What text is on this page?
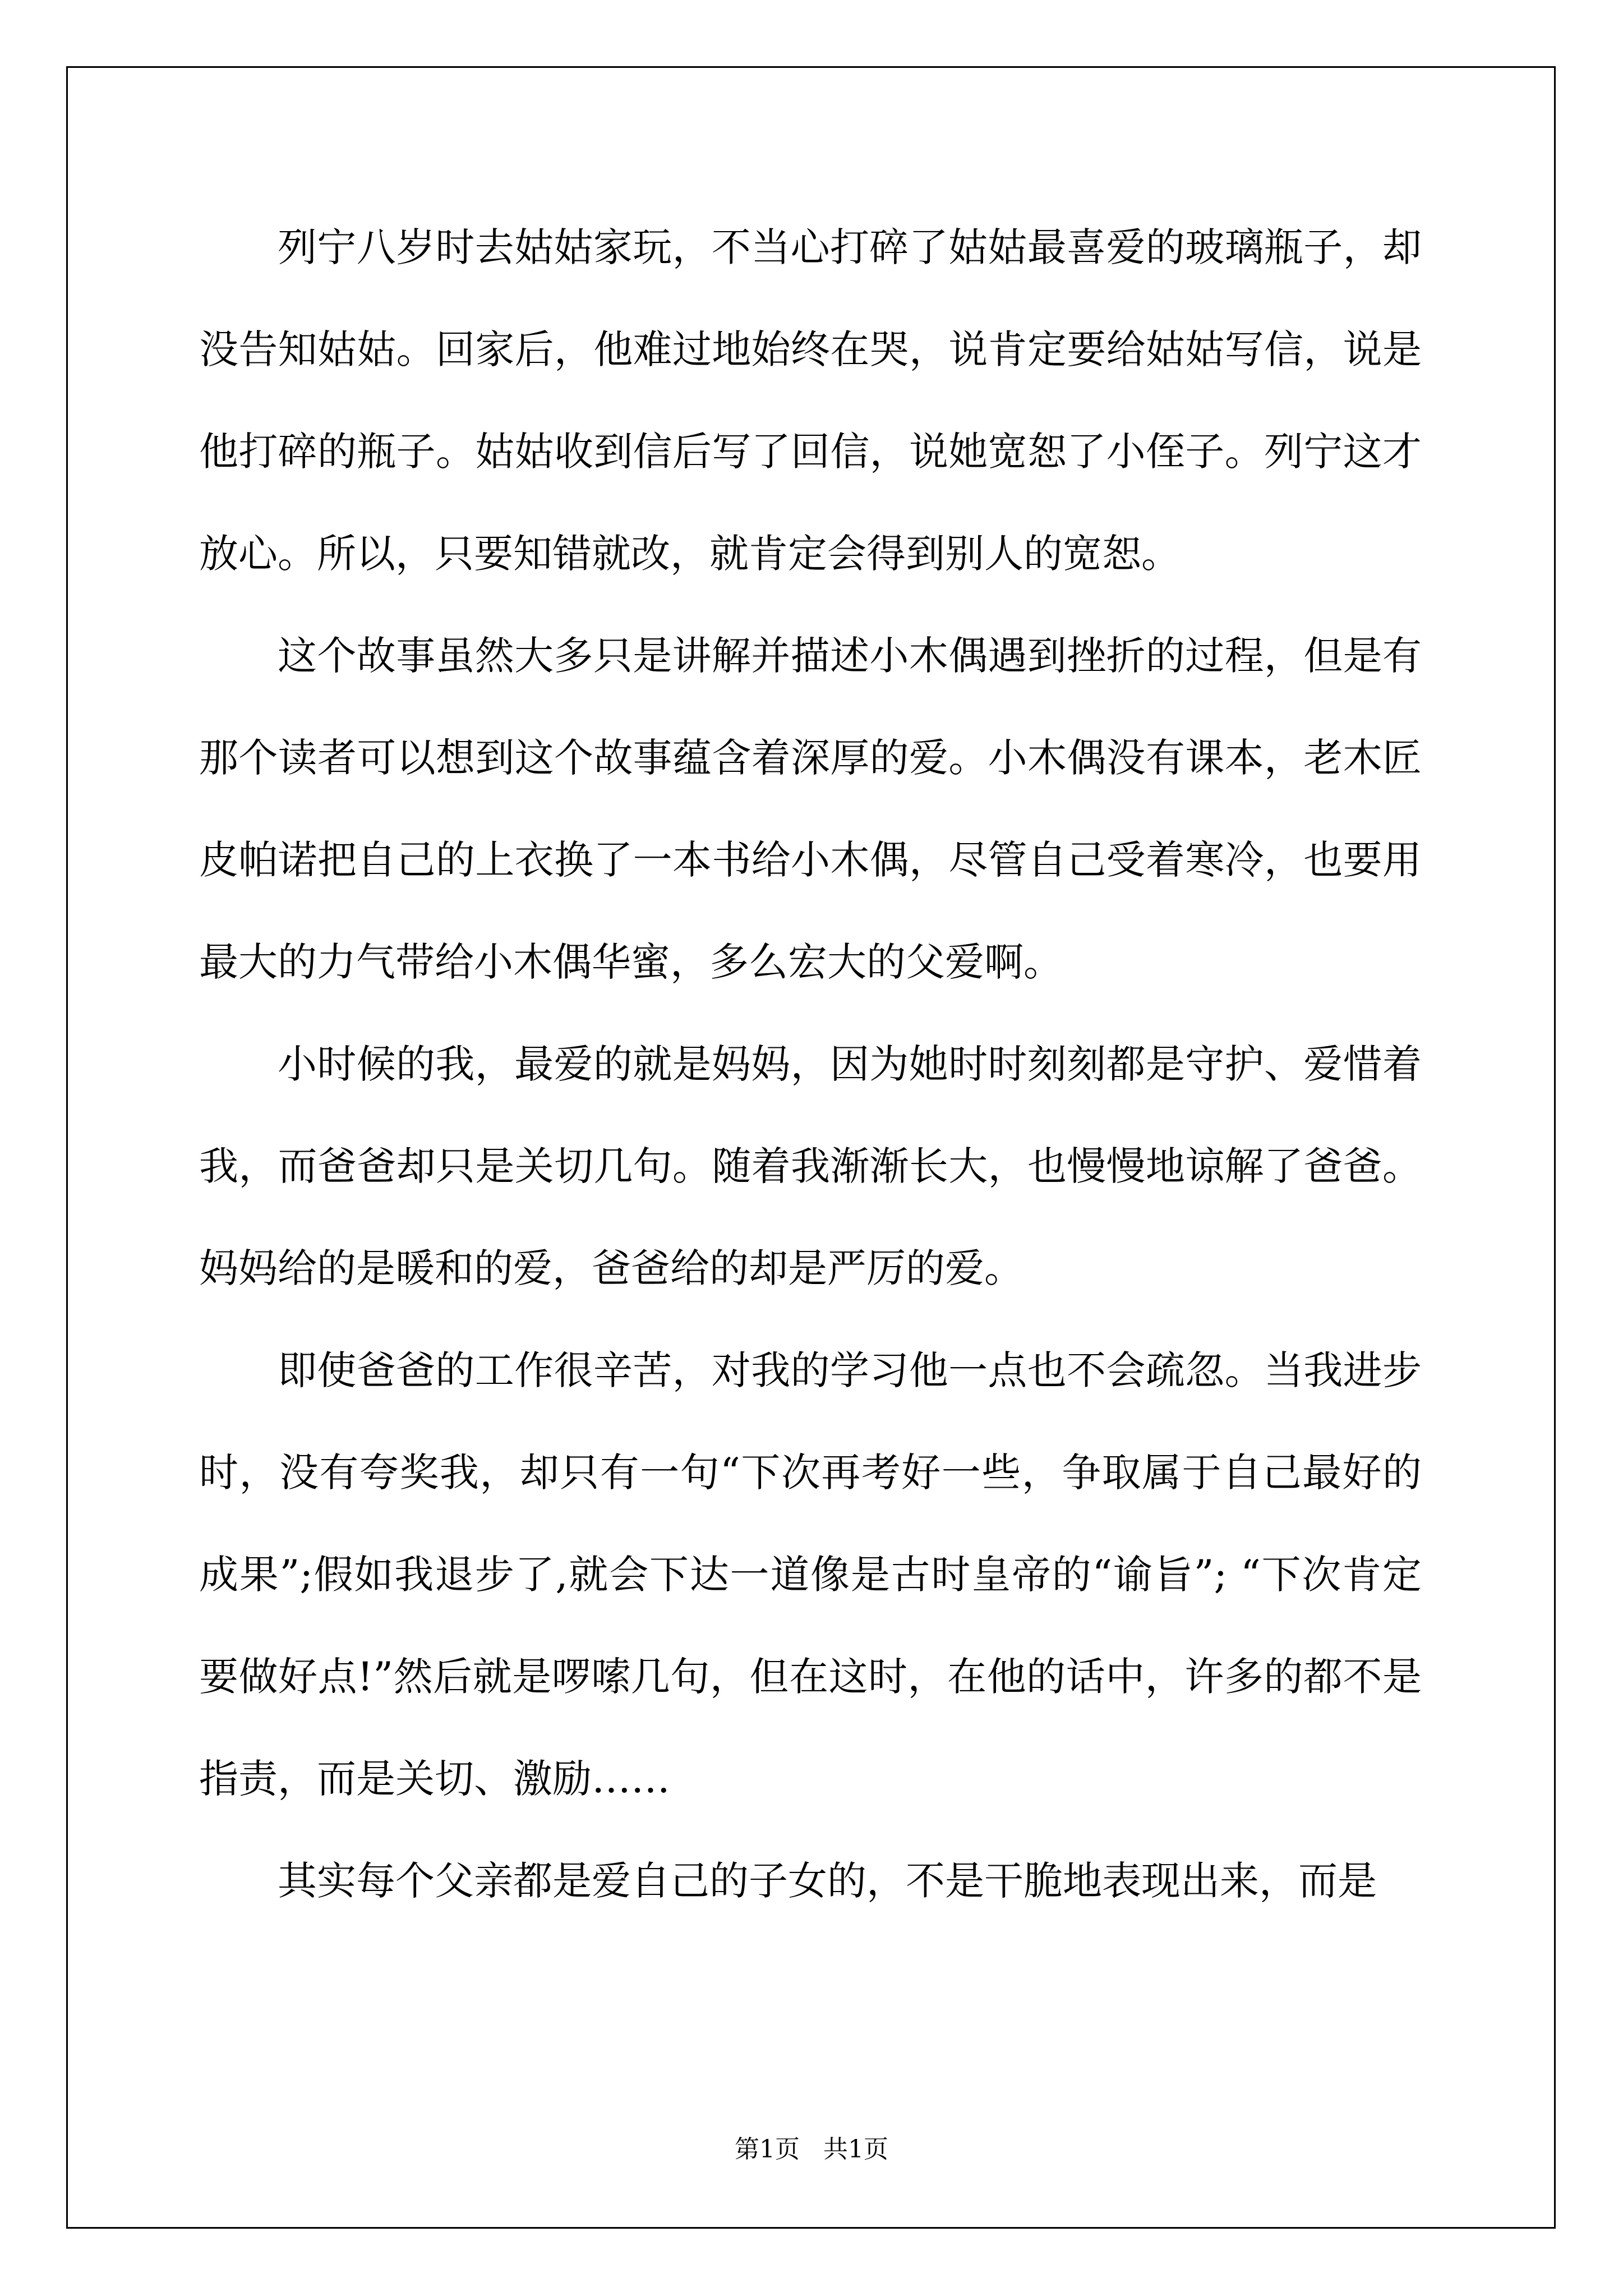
列宁八岁时去姑姑家玩，不当心打碎了姑姑最喜爱的玻璃瓶子，却没告知姑姑。回家后，他难过地始终在哭，说肯定要给姑姑写信，说是他打碎的瓶子。姑姑收到信后写了回信，说她宽恕了小侄子。列宁这才放心。所以，只要知错就改，就肯定会得到别人的宽恕。

这个故事虽然大多只是讲解并描述小木偶遇到挫折的过程，但是有那个读者可以想到这个故事蕴含着深厚的爱。小木偶没有课本，老木匠皮帕诺把自己的上衣换了一本书给小木偶，尽管自己受着寒冷，也要用最大的力气带给小木偶华蜜，多么宏大的父爱啊。

小时候的我，最爱的就是妈妈，因为她时时刻刻都是守护、爱惜着我，而爸爸却只是关切几句。随着我渐渐长大，也慢慢地谅解了爸爸。妈妈给的是暖和的爱，爸爸给的却是严厉的爱。

即使爸爸的工作很辛苦，对我的学习他一点也不会疏忽。当我进步时，没有夸奖我，却只有一句“下次再考好一些，争取属于自己最好的成果”;假如我退步了,就会下达一道像是古时皇帝的“谕旨”; “下次肯定要做好点!”然后就是啰嗦几句，但在这时，在他的话中，许多的都不是指责，而是关切、激励……

其实每个父亲都是爱自己的子女的，不是干脆地表现出来，而是

第1页 共1页
